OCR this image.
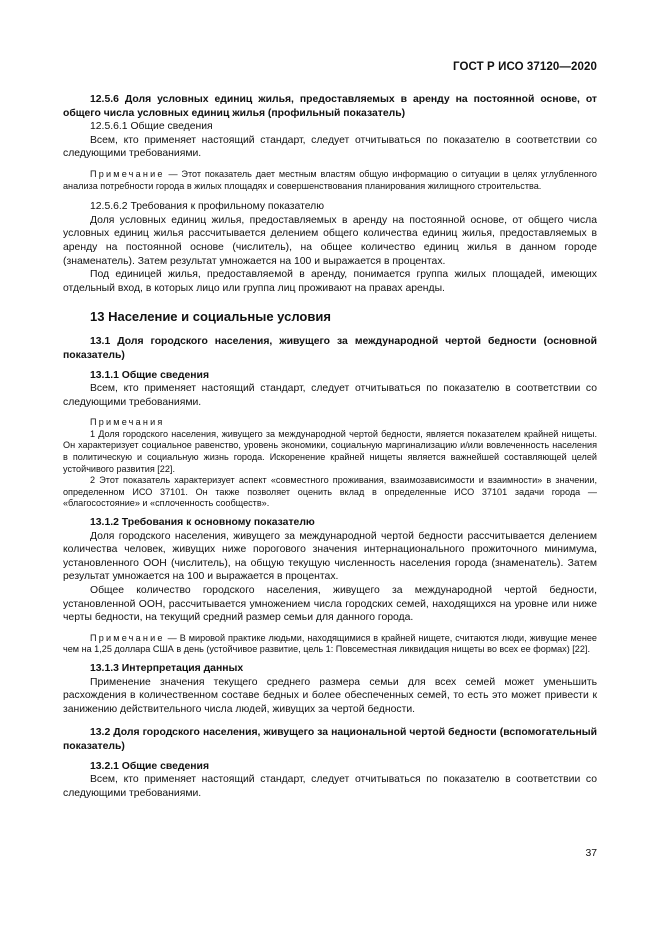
ГОСТ Р ИСО 37120—2020

12.5.6 Доля условных единиц жилья, предоставляемых в аренду на постоянной основе, от общего числа условных единиц жилья (профильный показатель)

12.5.6.1 Общие сведения

Всем, кто применяет настоящий стандарт, следует отчитываться по показателю в соответствии со следующими требованиями.

Примечание — Этот показатель дает местным властям общую информацию о ситуации в целях углубленного анализа потребности города в жилых площадях и совершенствования планирования жилищного строительства.

12.5.6.2 Требования к профильному показателю

Доля условных единиц жилья, предоставляемых в аренду на постоянной основе, от общего числа условных единиц жилья рассчитывается делением общего количества единиц жилья, предоставляемых в аренду на постоянной основе (числитель), на общее количество единиц жилья в данном городе (знаменатель). Затем результат умножается на 100 и выражается в процентах.

Под единицей жилья, предоставляемой в аренду, понимается группа жилых площадей, имеющих отдельный вход, в которых лицо или группа лиц проживают на правах аренды.

13 Население и социальные условия

13.1 Доля городского населения, живущего за международной чертой бедности (основной показатель)

13.1.1 Общие сведения

Всем, кто применяет настоящий стандарт, следует отчитываться по показателю в соответствии со следующими требованиями.

Примечания

1 Доля городского населения, живущего за международной чертой бедности, является показателем крайней нищеты. Он характеризует социальное равенство, уровень экономики, социальную маргинализацию и/или вовлеченность населения в политическую и социальную жизнь города. Искоренение крайней нищеты является важнейшей составляющей целей устойчивого развития [22].

2 Этот показатель характеризует аспект «совместного проживания, взаимозависимости и взаимности» в значении, определенном ИСО 37101. Он также позволяет оценить вклад в определенные ИСО 37101 задачи города — «благосостояние» и «сплоченность сообществ».

13.1.2 Требования к основному показателю

Доля городского населения, живущего за международной чертой бедности рассчитывается делением количества человек, живущих ниже порогового значения интернационального прожиточного минимума, установленного ООН (числитель), на общую текущую численность населения города (знаменатель). Затем результат умножается на 100 и выражается в процентах.

Общее количество городского населения, живущего за международной чертой бедности, установленной ООН, рассчитывается умножением числа городских семей, находящихся на уровне или ниже черты бедности, на текущий средний размер семьи для данного города.

Примечание — В мировой практике людьми, находящимися в крайней нищете, считаются люди, живущие менее чем на 1,25 доллара США в день (устойчивое развитие, цель 1: Повсеместная ликвидация нищеты во всех ее формах) [22].

13.1.3 Интерпретация данных

Применение значения текущего среднего размера семьи для всех семей может уменьшить расхождения в количественном составе бедных и более обеспеченных семей, то есть это может привести к занижению действительного числа людей, живущих за чертой бедности.

13.2 Доля городского населения, живущего за национальной чертой бедности (вспомогательный показатель)

13.2.1 Общие сведения

Всем, кто применяет настоящий стандарт, следует отчитываться по показателю в соответствии со следующими требованиями.

37
